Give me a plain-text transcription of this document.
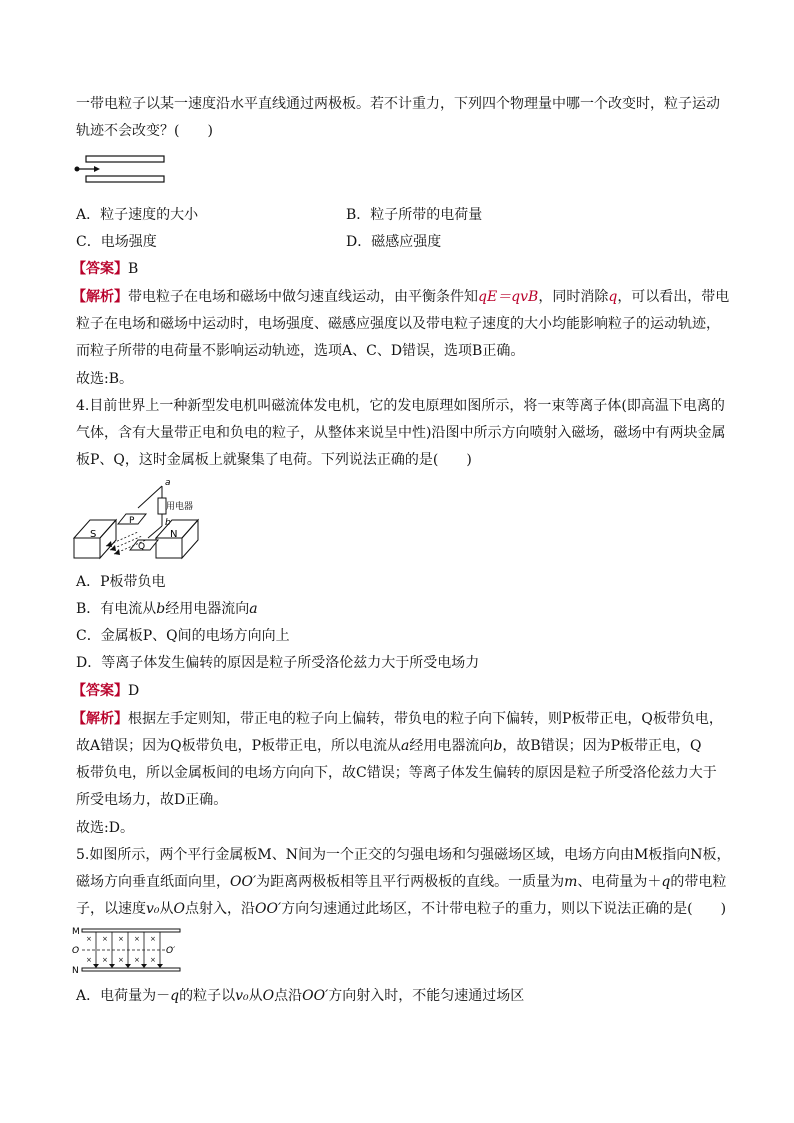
一带电粒子以某一速度沿水平直线通过两极板。若不计重力，下列四个物理量中哪一个改变时，粒子运动
轨迹不会改变？(　　)
A．粒子速度的大小	B．粒子所带的电荷量
C．电场强度	D．磁感应强度
【答案】B
【解析】带电粒子在电场和磁场中做匀速直线运动，由平衡条件知qE＝qvB，同时消除q，可以看出，带电
粒子在电场和磁场中运动时，电场强度、磁感应强度以及带电粒子速度的大小均能影响粒子的运动轨迹，
而粒子所带的电荷量不影响运动轨迹，选项A、C、D错误，选项B正确。
故选:B。
4.目前世界上一种新型发电机叫磁流体发电机，它的发电原理如图所示，将一束等离子体(即高温下电离的
气体，含有大量带正电和负电的粒子，从整体来说呈中性)沿图中所示方向喷射入磁场，磁场中有两块金属
板P、Q，这时金属板上就聚集了电荷。下列说法正确的是(　　)
a
用电器
b
S	N
P
Q
A．P板带负电
B．有电流从b经用电器流向a
C．金属板P、Q间的电场方向向上
D．等离子体发生偏转的原因是粒子所受洛伦兹力大于所受电场力
【答案】D
【解析】根据左手定则知，带正电的粒子向上偏转，带负电的粒子向下偏转，则P板带正电，Q板带负电，
故A错误；因为Q板带负电，P板带正电，所以电流从a经用电器流向b，故B错误；因为P板带正电，Q
板带负电，所以金属板间的电场方向向下，故C错误；等离子体发生偏转的原因是粒子所受洛伦兹力大于
所受电场力，故D正确。
故选:D。
5.如图所示，两个平行金属板M、N间为一个正交的匀强电场和匀强磁场区域，电场方向由M板指向N板，
磁场方向垂直纸面向里，OO′为距离两极板相等且平行两极板的直线。一质量为m、电荷量为＋q的带电粒
子，以速度v₀从O点射入，沿OO′方向匀速通过此场区，不计带电粒子的重力，则以下说法正确的是(　　)
M
N
O	O′
× × × × ×
× × × × ×
A．电荷量为－q的粒子以v₀从O点沿OO′方向射入时，不能匀速通过场区
